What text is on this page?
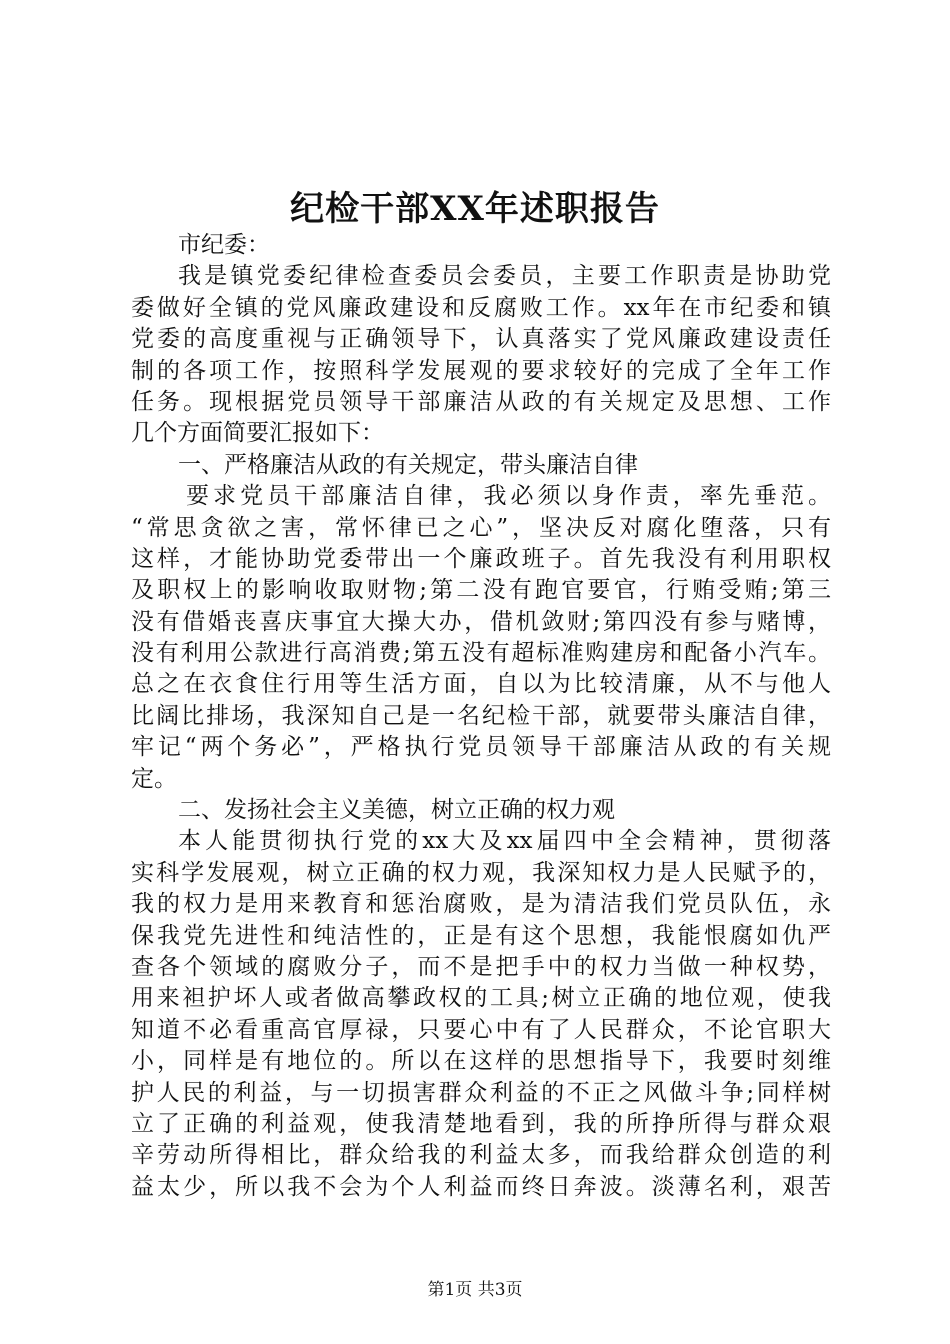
纪检干部XX年述职报告
市纪委：
我是镇党委纪律检查委员会委员，主要工作职责是协助党
委做好全镇的党风廉政建设和反腐败工作。xx年在市纪委和镇
党委的高度重视与正确领导下，认真落实了党风廉政建设责任
制的各项工作，按照科学发展观的要求较好的完成了全年工作
任务。现根据党员领导干部廉洁从政的有关规定及思想、工作
几个方面简要汇报如下：
一、严格廉洁从政的有关规定，带头廉洁自律
要求党员干部廉洁自律，我必须以身作责，率先垂范。
“常思贪欲之害，常怀律已之心”，坚决反对腐化堕落，只有
这样，才能协助党委带出一个廉政班子。首先我没有利用职权
及职权上的影响收取财物;第二没有跑官要官，行贿受贿;第三
没有借婚丧喜庆事宜大操大办，借机敛财;第四没有参与赌博，
没有利用公款进行高消费;第五没有超标准购建房和配备小汽车。
总之在衣食住行用等生活方面，自以为比较清廉，从不与他人
比阔比排场，我深知自己是一名纪检干部，就要带头廉洁自律，
牢记“两个务必”，严格执行党员领导干部廉洁从政的有关规
定。
二、发扬社会主义美德，树立正确的权力观
本人能贯彻执行党的xx大及xx届四中全会精神，贯彻落
实科学发展观，树立正确的权力观，我深知权力是人民赋予的，
我的权力是用来教育和惩治腐败，是为清洁我们党员队伍，永
保我党先进性和纯洁性的，正是有这个思想，我能恨腐如仇严
查各个领域的腐败分子，而不是把手中的权力当做一种权势，
用来袒护坏人或者做高攀政权的工具;树立正确的地位观，使我
知道不必看重高官厚禄，只要心中有了人民群众，不论官职大
小，同样是有地位的。所以在这样的思想指导下，我要时刻维
护人民的利益，与一切损害群众利益的不正之风做斗争;同样树
立了正确的利益观，使我清楚地看到，我的所挣所得与群众艰
辛劳动所得相比，群众给我的利益太多，而我给群众创造的利
益太少，所以我不会为个人利益而终日奔波。淡薄名利，艰苦
第1页 共3页
